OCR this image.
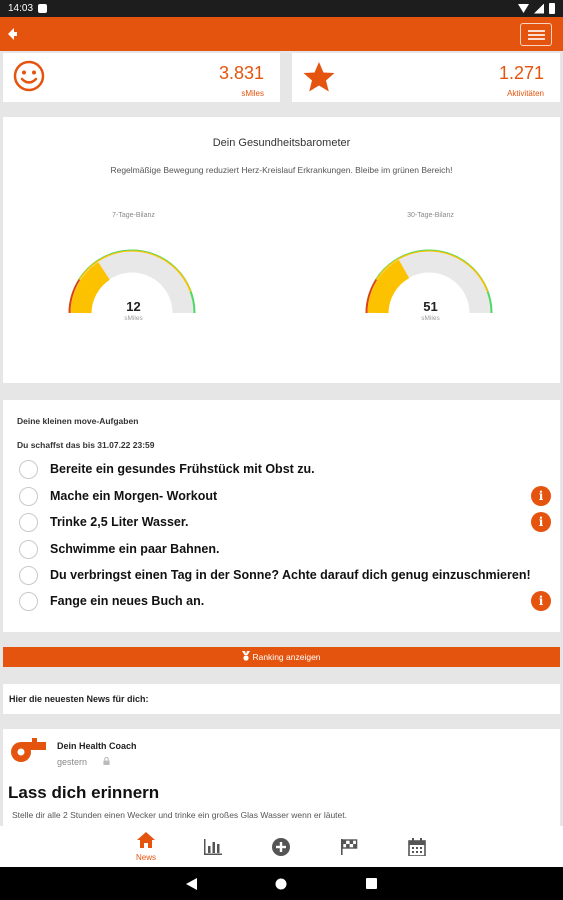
14:03
3.831
sMiles
1.271
Aktivitäten
Dein Gesundheitsbarometer
Regelmäßige Bewegung reduziert Herz-Kreislauf Erkrankungen. Bleibe im grünen Bereich!
7-Tage-Bilanz
12
sMiles
30-Tage-Bilanz
51
sMiles
Deine kleinen move-Aufgaben
Du schaffst das bis 31.07.22 23:59
Bereite ein gesundes Frühstück mit Obst zu.
Mache ein Morgen- Workout	i
Trinke 2,5 Liter Wasser.	i
Schwimme ein paar Bahnen.
Du verbringst einen Tag in der Sonne? Achte darauf dich genug einzuschmieren!
Fange ein neues Buch an.	i
Ranking anzeigen
Hier die neuesten News für dich:
Dein Health Coach
gestern
Lass dich erinnern
Stelle dir alle 2 Stunden einen Wecker und trinke ein großes Glas Wasser wenn er läutet.
News
